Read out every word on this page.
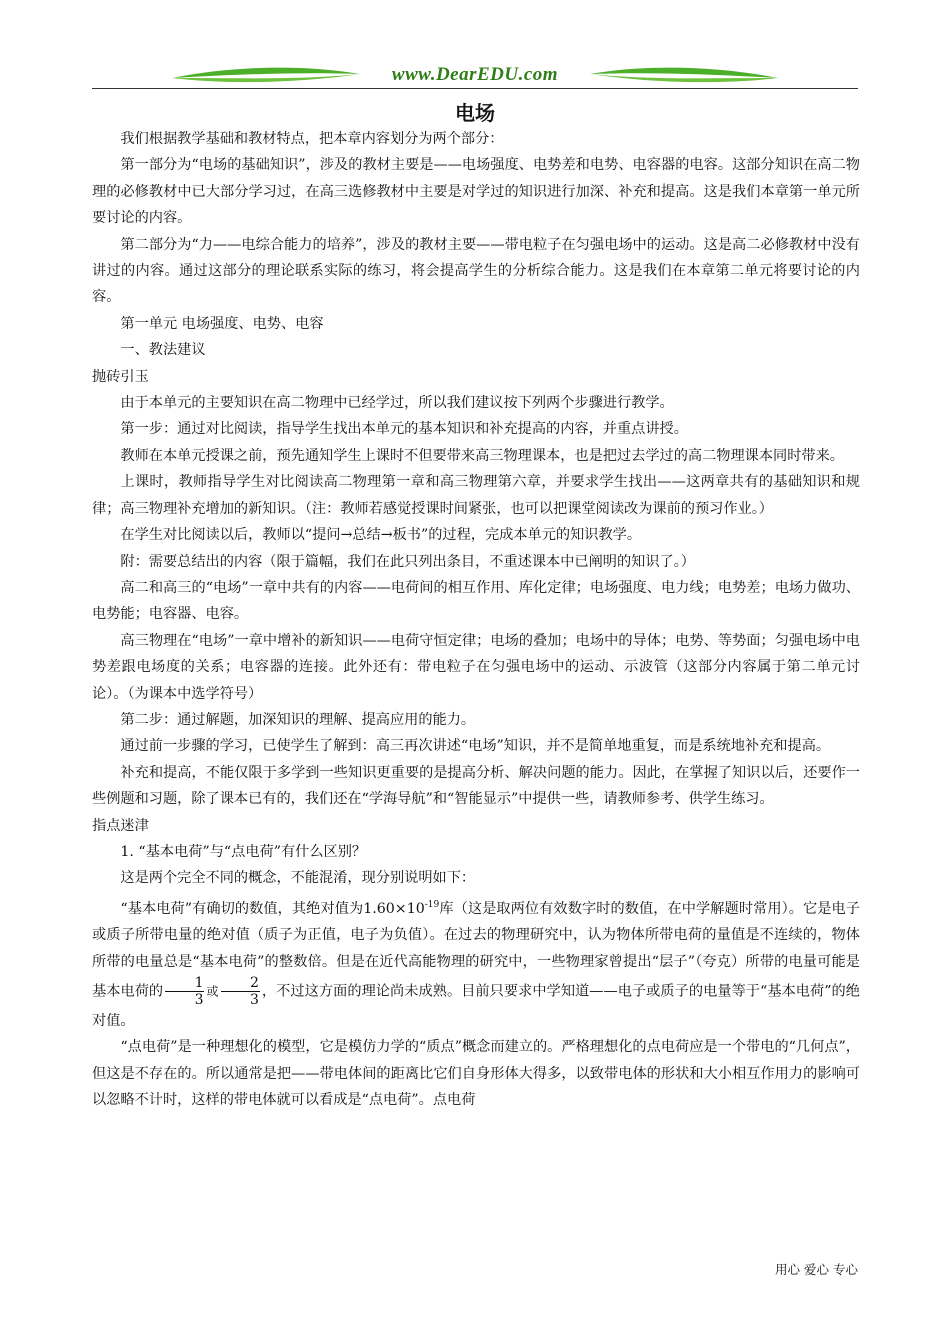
www.DearEDU.com
电场

我们根据教学基础和教材特点，把本章内容划分为两个部分：

第一部分为“电场的基础知识”，涉及的教材主要是——电场强度、电势差和电势、电容器的电容。这部分知识在高二物理的必修教材中已大部分学习过，在高三选修教材中主要是对学过的知识进行加深、补充和提高。这是我们本章第一单元所要讨论的内容。

第二部分为“力——电综合能力的培养”，涉及的教材主要——带电粒子在匀强电场中的运动。这是高二必修教材中没有讲过的内容。通过这部分的理论联系实际的练习，将会提高学生的分析综合能力。这是我们在本章第二单元将要讨论的内容。

第一单元 电场强度、电势、电容

一、教法建议

抛砖引玉

由于本单元的主要知识在高二物理中已经学过，所以我们建议按下列两个步骤进行教学。

第一步：通过对比阅读，指导学生找出本单元的基本知识和补充提高的内容，并重点讲授。

教师在本单元授课之前，预先通知学生上课时不但要带来高三物理课本，也是把过去学过的高二物理课本同时带来。

上课时，教师指导学生对比阅读高二物理第一章和高三物理第六章，并要求学生找出——这两章共有的基础知识和规律；高三物理补充增加的新知识。（注：教师若感觉授课时间紧张，也可以把课堂阅读改为课前的预习作业。）

在学生对比阅读以后，教师以“提问→总结→板书”的过程，完成本单元的知识教学。

附：需要总结出的内容（限于篇幅，我们在此只列出条目，不重述课本中已阐明的知识了。）

高二和高三的“电场”一章中共有的内容——电荷间的相互作用、库化定律；电场强度、电力线；电势差；电场力做功、电势能；电容器、电容。

高三物理在“电场”一章中增补的新知识——电荷守恒定律；电场的叠加；电场中的导体；电势、等势面；匀强电场中电势差跟电场度的关系；电容器的连接。此外还有：带电粒子在匀强电场中的运动、示波管（这部分内容属于第二单元讨论）。（为课本中选学符号）

第二步：通过解题，加深知识的理解、提高应用的能力。

通过前一步骤的学习，已使学生了解到：高三再次讲述“电场”知识，并不是简单地重复，而是系统地补充和提高。

补充和提高，不能仅限于多学到一些知识更重要的是提高分析、解决问题的能力。因此，在掌握了知识以后，还要作一些例题和习题，除了课本已有的，我们还在“学海导航”和“智能显示”中提供一些，请教师参考、供学生练习。

指点迷津

1. “基本电荷”与“点电荷”有什么区别？

这是两个完全不同的概念，不能混淆，现分别说明如下：

“基本电荷”有确切的数值，其绝对值为$1.60\times 10^{-19}$库（这是取两位有效数字时的数值，在中学解题时常用）。它是电子或质子所带电量的绝对值（质子为正值，电子为负值）。在过去的物理研究中，认为物体所带电荷的量值是不连续的，物体所带的电量总是“基本电荷”的整数倍。但是在近代高能物理的研究中，一些物理家曾提出“层子”（夸克）所带的电量可能是基本电荷的 $\frac{1}{3}$ 或 $\frac{2}{3}$ ，不过这方面的理论尚未成熟。目前只要求中学知道——电子或质子的电量等于“基本电荷”的绝对值。

“点电荷”是一种理想化的模型，它是模仿力学的“质点”概念而建立的。严格理想化的点电荷应是一个带电的“几何点”，但这是不存在的。所以通常是把——带电体间的距离比它们自身形体大得多，以致带电体的形状和大小相互作用力的影响可以忽略不计时，这样的带电体就可以看成是“点电荷”。点电荷

用心 爱心 专心
